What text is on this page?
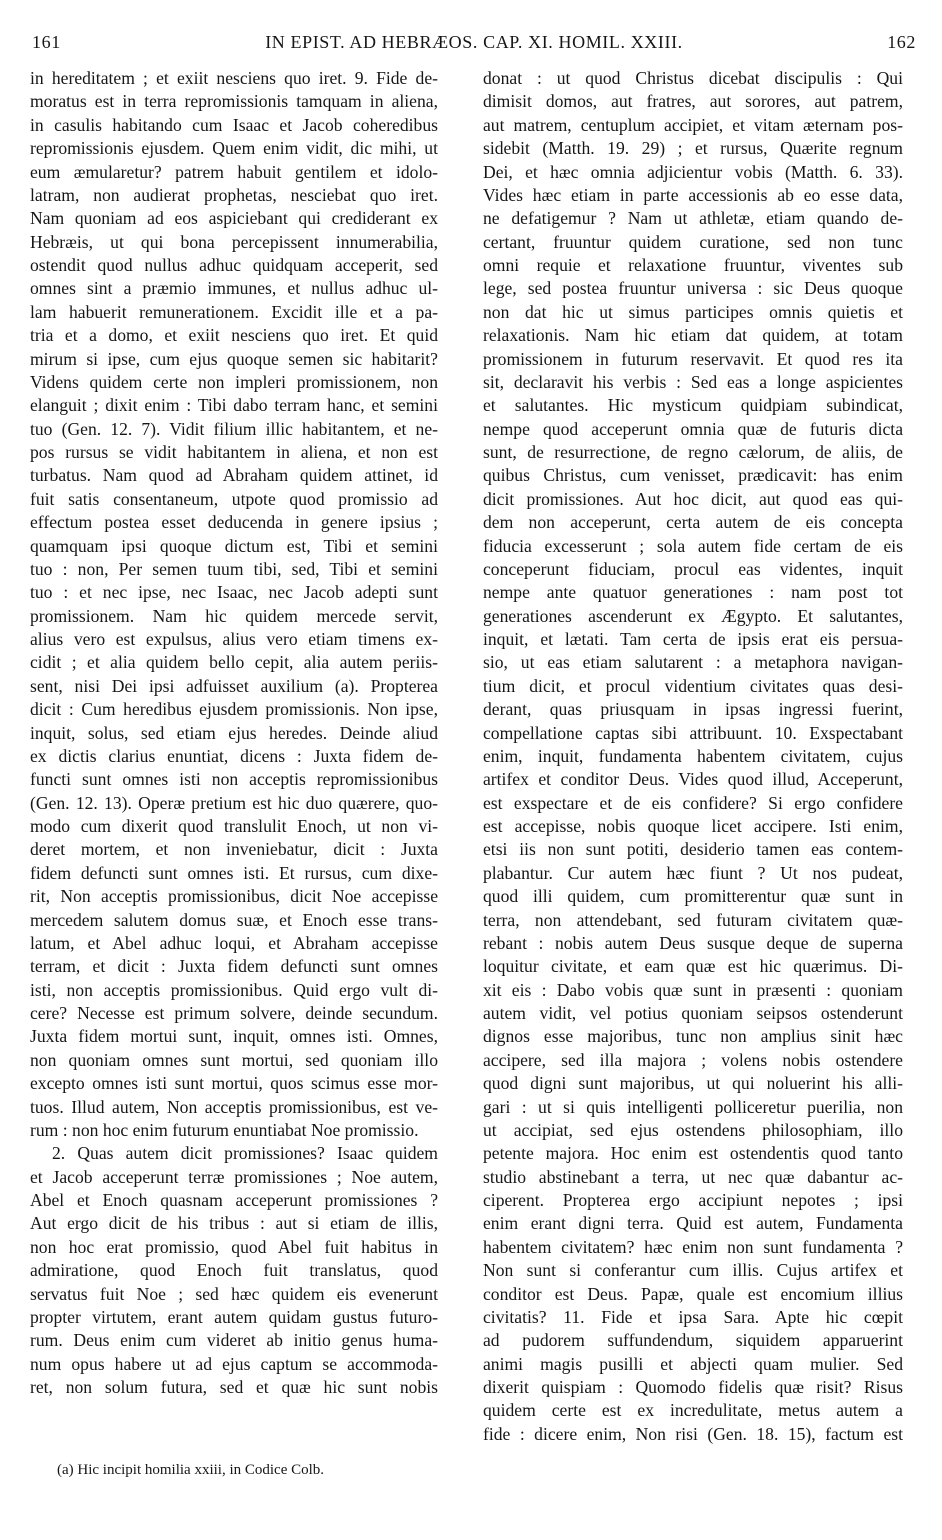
161	IN EPIST. AD HEBRÆOS. CAP. XI. HOMIL. XXIII.	162
in hereditatem ; et exiit nesciens quo iret. 9. Fide de-
moratus est in terra repromissionis tamquam in aliena,
in casulis habitando cum Isaac et Jacob coheredibus
repromissionis ejusdem. Quem enim vidit, dic mihi, ut
eum æmularetur? patrem habuit gentilem et idolo-
latram, non audierat prophetas, nesciebat quo iret.
Nam quoniam ad eos aspiciebant qui crediderant ex
Hebræis, ut qui bona percepissent innumerabilia,
ostendit quod nullus adhuc quidquam acceperit, sed
omnes sint a præmio immunes, et nullus adhuc ul-
lam habuerit remunerationem. Excidit ille et a pa-
tria et a domo, et exiit nesciens quo iret. Et quid
mirum si ipse, cum ejus quoque semen sic habitarit?
Videns quidem certe non impleri promissionem, non
elanguit ; dixit enim : Tibi dabo terram hanc, et semini
tuo (Gen. 12. 7). Vidit filium illic habitantem, et ne-
pos rursus se vidit habitantem in aliena, et non est
turbatus. Nam quod ad Abraham quidem attinet, id
fuit satis consentaneum, utpote quod promissio ad
effectum postea esset deducenda in genere ipsius ;
quamquam ipsi quoque dictum est, Tibi et semini
tuo : non, Per semen tuum tibi, sed, Tibi et semini
tuo : et nec ipse, nec Isaac, nec Jacob adepti sunt
promissionem. Nam hic quidem mercede servit,
alius vero est expulsus, alius vero etiam timens ex-
cidit ; et alia quidem bello cepit, alia autem periis-
sent, nisi Dei ipsi adfuisset auxilium (a). Propterea
dicit : Cum heredibus ejusdem promissionis. Non ipse,
inquit, solus, sed etiam ejus heredes. Deinde aliud
ex dictis clarius enuntiat, dicens : Juxta fidem de-
functi sunt omnes isti non acceptis repromissionibus
(Gen. 12. 13). Operæ pretium est hic duo quærere, quo-
modo cum dixerit quod translulit Enoch, ut non vi-
deret mortem, et non inveniebatur, dicit : Juxta
fidem defuncti sunt omnes isti. Et rursus, cum dixe-
rit, Non acceptis promissionibus, dicit Noe accepisse
mercedem salutem domus suæ, et Enoch esse trans-
latum, et Abel adhuc loqui, et Abraham accepisse
terram, et dicit : Juxta fidem defuncti sunt omnes
isti, non acceptis promissionibus. Quid ergo vult di-
cere? Necesse est primum solvere, deinde secundum.
Juxta fidem mortui sunt, inquit, omnes isti. Omnes,
non quoniam omnes sunt mortui, sed quoniam illo
excepto omnes isti sunt mortui, quos scimus esse mor-
tuos. Illud autem, Non acceptis promissionibus, est ve-
rum : non hoc enim futurum enuntiabat Noe promissio.
2. Quas autem dicit promissiones? Isaac quidem
et Jacob acceperunt terræ promissiones ; Noe autem,
Abel et Enoch quasnam acceperunt promissiones ?
Aut ergo dicit de his tribus : aut si etiam de illis,
non hoc erat promissio, quod Abel fuit habitus in
admiratione, quod Enoch fuit translatus, quod
servatus fuit Noe ; sed hæc quidem eis evenerunt
propter virtutem, erant autem quidam gustus futuro-
rum. Deus enim cum videret ab initio genus huma-
num opus habere ut ad ejus captum se accommoda-
ret, non solum futura, sed et quæ hic sunt nobis
donat : ut quod Christus dicebat discipulis : Qui
dimisit domos, aut fratres, aut sorores, aut patrem,
aut matrem, centuplum accipiet, et vitam æternam pos-
sidebit (Matth. 19. 29) ; et rursus, Quærite regnum
Dei, et hæc omnia adjicientur vobis (Matth. 6. 33).
Vides hæc etiam in parte accessionis ab eo esse data,
ne defatigemur ? Nam ut athletæ, etiam quando de-
certant, fruuntur quidem curatione, sed non tunc
omni requie et relaxatione fruuntur, viventes sub
lege, sed postea fruuntur universa : sic Deus quoque
non dat hic ut simus participes omnis quietis et
relaxationis. Nam hic etiam dat quidem, at totam
promissionem in futurum reservavit. Et quod res ita
sit, declaravit his verbis : Sed eas a longe aspicientes
et salutantes. Hic mysticum quidpiam subindicat,
nempe quod acceperunt omnia quæ de futuris dicta
sunt, de resurrectione, de regno cælorum, de aliis, de
quibus Christus, cum venisset, prædicavit: has enim
dicit promissiones. Aut hoc dicit, aut quod eas qui-
dem non acceperunt, certa autem de eis concepta
fiducia excesserunt ; sola autem fide certam de eis
conceperunt fiduciam, procul eas videntes, inquit
nempe ante quatuor generationes : nam post tot
generationes ascenderunt ex Ægypto. Et salutantes,
inquit, et lætati. Tam certa de ipsis erat eis persua-
sio, ut eas etiam salutarent : a metaphora navigan-
tium dicit, et procul videntium civitates quas desi-
derant, quas priusquam in ipsas ingressi fuerint,
compellatione captas sibi attribuunt. 10. Exspectabant
enim, inquit, fundamenta habentem civitatem, cujus
artifex et conditor Deus. Vides quod illud, Acceperunt,
est exspectare et de eis confidere? Si ergo confidere
est accepisse, nobis quoque licet accipere. Isti enim,
etsi iis non sunt potiti, desiderio tamen eas contem-
plabantur. Cur autem hæc fiunt ? Ut nos pudeat,
quod illi quidem, cum promitterentur quæ sunt in
terra, non attendebant, sed futuram civitatem quæ-
rebant : nobis autem Deus susque deque de superna
loquitur civitate, et eam quæ est hic quærimus. Di-
xit eis : Dabo vobis quæ sunt in præsenti : quoniam
autem vidit, vel potius quoniam seipsos ostenderunt
dignos esse majoribus, tunc non amplius sinit hæc
accipere, sed illa majora ; volens nobis ostendere
quod digni sunt majoribus, ut qui noluerint his alli-
gari : ut si quis intelligenti polliceretur puerilia, non
ut accipiat, sed ejus ostendens philosophiam, illo
petente majora. Hoc enim est ostendentis quod tanto
studio abstinebant a terra, ut nec quæ dabantur ac-
ciperent. Propterea ergo accipiunt nepotes ; ipsi
enim erant digni terra. Quid est autem, Fundamenta
habentem civitatem? hæc enim non sunt fundamenta ?
Non sunt si conferantur cum illis. Cujus artifex et
conditor est Deus. Papæ, quale est encomium illius
civitatis? 11. Fide et ipsa Sara. Apte hic cœpit
ad pudorem suffundendum, siquidem apparuerint
animi magis pusilli et abjecti quam mulier. Sed
dixerit quispiam : Quomodo fidelis quæ risit? Risus
quidem certe est ex incredulitate, metus autem a
fide : dicere enim, Non risi (Gen. 18. 15), factum est
(a) Hic incipit homilia xxiii, in Codice Colb.
